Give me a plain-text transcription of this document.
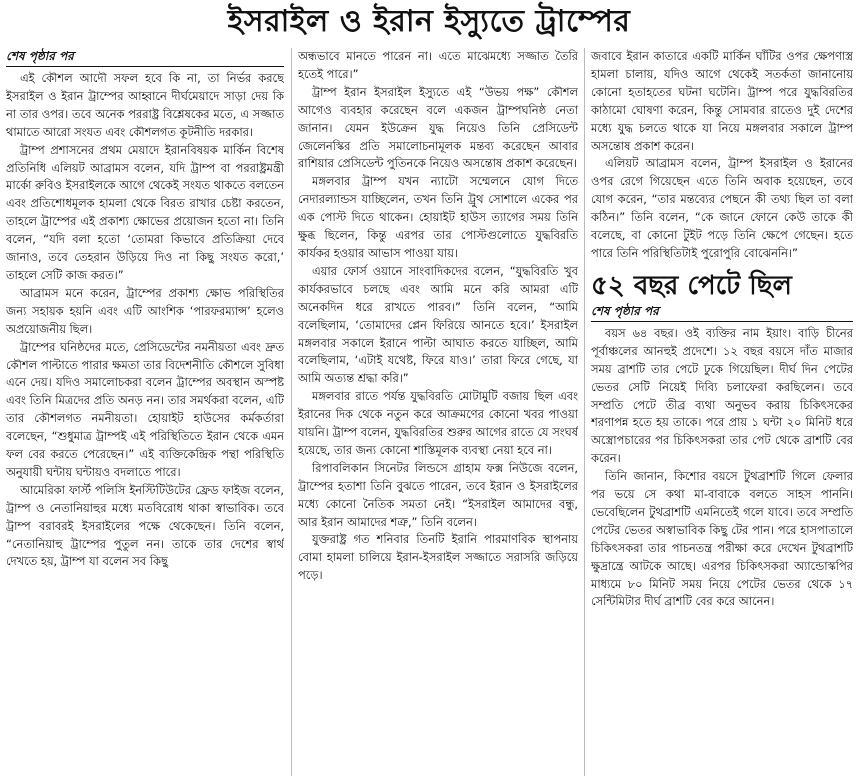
ইসরাইল ও ইরান ইস্যুতে ট্রাম্পের
শেষ পৃষ্ঠার পর

এই কৌশল আদৌ সফল হবে কি না, তা নির্ভর করছে ইসরাইল ও ইরান ট্রাম্পের আহ্বানে দীর্ঘমেয়াদে সাড়া দেয় কি না তার ওপর। তবে অনেক পররাষ্ট্র বিশ্লেষকের মতে, এ সজ্জাত থামাতে আরো সংযত এবং কৌশলগত কূটনীতি দরকার।

ট্রাম্প প্রশাসনের প্রথম মেয়াদে ইরানবিষয়ক মার্কিন বিশেষ প্রতিনিধি এলিয়ট আব্রামস বলেন, যদি ট্রাম্প বা পররাষ্ট্রমন্ত্রী মার্কো রুবিও ইসরাইলকে আগে থেকেই সংযত থাকতে বলতেন এবং প্রতিশোধমূলক হামলা থেকে বিরত রাখার চেষ্টা করতেন, তাহলে ট্রাম্পের এই প্রকাশ্য ক্ষোভের প্রয়োজন হতো না। তিনি বলেন, “যদি বলা হতো ‘তোমরা কিভাবে প্রতিক্রিয়া দেবে জানাও, তবে তেহরান উড়িয়ে দিও না কিছু সংযত করো,’ তাহলে সেটি কাজ করত।”

আব্রামস মনে করেন, ট্রাম্পের প্রকাশ্য ক্ষোভ পরিস্থিতির জন্য সহায়ক হয়নি এবং এটি আংশিক ‘পারফরম্যান্স’ হলেও অপ্রয়োজনীয় ছিল।

ট্রাম্পের ঘনিষ্ঠদের মতে, প্রেসিডেন্টের নমনীয়তা এবং দ্রুত কৌশল পাল্টাতে পারার ক্ষমতা তার বিদেশনীতি কৌশলে সুবিধা এনে দেয়। যদিও সমালোচকরা বলেন ট্রাম্পের অবস্থান অস্পষ্ট এবং তিনি মিত্রদের প্রতি অনড় নন। তার সমর্থকরা বলেন, এটি তার কৌশলগত নমনীয়তা। হোয়াইট হাউসের কর্মকর্তারা বলেছেন, “শুধুমাত্র ট্রাম্পই এই পরিস্থিতিতে ইরান থেকে এমন ফল বের করতে পেরেছেন।” এই ব্যক্তিকেন্দ্রিক পন্থা পরিস্থিতি অনুযায়ী ঘন্টায় ঘন্টায়ও বদলাতে পারে।

আমেরিকা ফার্স্ট পলিসি ইনস্টিটিউটের ফ্রেড ফাইজ বলেন, ট্রাম্প ও নেতানিয়াহুর মধ্যে মতবিরোধ থাকা স্বাভাবিক। তবে ট্রাম্প বরাবরই ইসরাইলের পক্ষে থেকেছেন। তিনি বলেন, “নেতানিয়াহু ট্রাম্পের পুতুল নন। তাকে তার দেশের স্বার্থ দেখতে হয়, ট্রাম্প যা বলেন সব কিছু

অন্ধভাবে মানতে পারেন না। এতে মাঝেমধ্যে সজ্জাত তৈরি হতেই পারে।”

ট্রাম্প ইরান ইসরাইল ইস্যুতে এই “উভয় পক্ষ” কৌশল আগেও ব্যবহার করেছেন বলে একজন ট্রাম্পঘনিষ্ঠ নেতা জানান। যেমন ইউক্রেন যুদ্ধ নিয়েও তিনি প্রেসিডেন্ট জেলেনস্কির প্রতি সমালোচনামূলক মন্তব্য করেছেন আবার রাশিয়ার প্রেসিডেন্ট পুতিনকে নিয়েও অসন্তোষ প্রকাশ করেছেন।

মঙ্গলবার ট্রাম্প যখন ন্যাটো সম্মেলনে যোগ দিতে নেদারল্যান্ডস যাচ্ছিলেন, তখন তিনি ট্রুথ সোশালে একের পর এক পোস্ট দিতে থাকেন। হোয়াইট হাউস ত্যাগের সময় তিনি ক্ষুব্ধ ছিলেন, কিন্তু এরপর তার পোস্টগুলোতে যুদ্ধবিরতি কার্যকর হওয়ার আভাস পাওয়া যায়।

এয়ার ফোর্স ওয়ানে সাংবাদিকদের বলেন, “যুদ্ধবিরতি খুব কার্যকরভাবে চলছে এবং আমি মনে করি আমরা এটি অনেকদিন ধরে রাখতে পারব।” তিনি বলেন, “আমি বলেছিলাম, ‘তোমাদের প্লেন ফিরিয়ে আনতে হবে।’ ইসরাইল মঙ্গলবার সকালে ইরানে পাল্টা আঘাত করতে যাচ্ছিল, আমি বলেছিলাম, ‘এটাই যথেষ্ট, ফিরে যাও।’ তারা ফিরে গেছে, যা আমি অত্যন্ত শ্রদ্ধা করি।”

মঙ্গলবার রাতে পর্যন্ত যুদ্ধবিরতি মোটামুটি বজায় ছিল এবং ইরানের দিক থেকে নতুন করে আক্রমণের কোনো খবর পাওয়া যায়নি। ট্রাম্প বলেন, যুদ্ধবিরতির শুরুর আগের রাতে যে সংঘর্ষ হয়েছে, তার জন্য কোনো শাস্তিমূলক ব্যবস্থা নেয়া হবে না।

রিপাবলিকান সিনেটর লিন্ডসে গ্রাহাম ফক্স নিউজে বলেন, ট্রাম্পের হতাশা তিনি বুঝতে পারেন, তবে ইরান ও ইসরাইলের মধ্যে কোনো নৈতিক সমতা নেই। “ইসরাইল আমাদের বন্ধু, আর ইরান আমাদের শত্রু,” তিনি বলেন।

যুক্তরাষ্ট্র গত শনিবার তিনটি ইরানি পারমাণবিক স্থাপনায় বোমা হামলা চালিয়ে ইরান-ইসরাইল সজ্জাতে সরাসরি জড়িয়ে পড়ে।

জবাবে ইরান কাতারে একটি মার্কিন ঘাঁটির ওপর ক্ষেপণাস্ত্র হামলা চালায়, যদিও আগে থেকেই সতর্কতা জানানোয় কোনো হতাহতের ঘটনা ঘটেনি। ট্রাম্প পরে যুদ্ধবিরতির কাঠামো ঘোষণা করেন, কিন্তু সোমবার রাতেও দুই দেশের মধ্যে যুদ্ধ চলতে থাকে যা নিয়ে মঙ্গলবার সকালে ট্রাম্প অসন্তোষ প্রকাশ করেন।

এলিয়ট আব্রামস বলেন, ট্রাম্প ইসরাইল ও ইরানের ওপর রেগে গিয়েছেন এতে তিনি অবাক হয়েছেন, তবে যোগ করেন, “তার মন্তব্যের পেছনে কী তথ্য ছিল তা বলা কঠিন।” তিনি বলেন, “কে জানে ফোনে কেউ তাকে কী বলেছে, বা কোনো টুইট পড়ে তিনি ক্ষেপে গেছেন। হতে পারে তিনি পরিস্থিতিটাই পুরোপুরি বোঝেননি।”

৫২ বছর পেটে ছিল
শেষ পৃষ্ঠার পর

বয়স ৬৪ বছর। ওই ব্যক্তির নাম ইয়াং। বাড়ি চীনের পূর্বাঞ্চলের আনহুই প্রদেশে। ১২ বছর বয়সে দাঁত মাজার সময় ব্রাশটি তার পেটে ঢুকে গিয়েছিল। দীর্ঘ দিন পেটের ভেতর সেটি নিয়েই দিব্যি চলাফেরা করছিলেন। তবে সম্প্রতি পেটে তীব্র ব্যথা অনুভব করায় চিকিৎসকের শরণাপন্ন হতে হয় তাকে। পরে প্রায় ১ ঘন্টা ২০ মিনিট ধরে অস্ত্রোপচারের পর চিকিৎসকরা তার পেট থেকে ব্রাশটি বের করেন।

তিনি জানান, কিশোর বয়সে টুথব্রাশটি গিলে ফেলার পর ভয়ে সে কথা মা-বাবাকে বলতে সাহস পাননি। ভেবেছিলেন টুথব্রাশটি এমনিতেই গলে যাবে। তবে সম্প্রতি পেটের ভেতর অস্বাভাবিক কিছু টের পান। পরে হাসপাতালে চিকিৎসকরা তার পাচনতন্ত্র পরীক্ষা করে দেখেন টুথব্রাশটি ক্ষুদ্রান্ত্রে আটকে আছে। এরপর চিকিৎসকরা অ্যান্ডোস্কপির মাধ্যমে ৮০ মিনিট সময় নিয়ে পেটের ভেতর থেকে ১৭ সেন্টিমিটার দীর্ঘ ব্রাশটি বের করে আনেন।
